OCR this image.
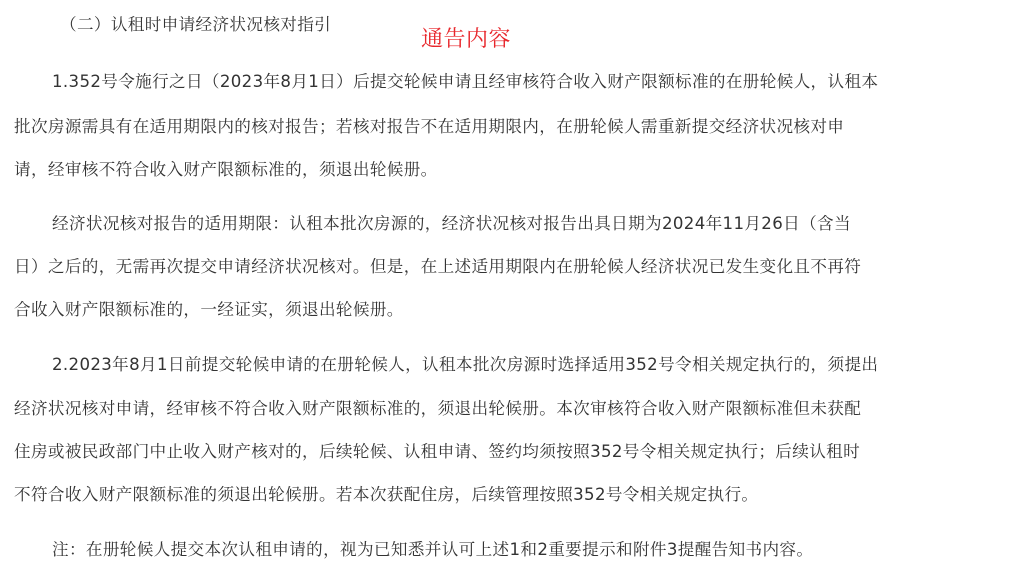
（二）认租时申请经济状况核对指引
通告内容
1.352号令施行之日（2023年8月1日）后提交轮候申请且经审核符合收入财产限额标准的在册轮候人，认租本
批次房源需具有在适用期限内的核对报告；若核对报告不在适用期限内，在册轮候人需重新提交经济状况核对申
请，经审核不符合收入财产限额标准的，须退出轮候册。
经济状况核对报告的适用期限：认租本批次房源的，经济状况核对报告出具日期为2024年11月26日（含当
日）之后的，无需再次提交申请经济状况核对。但是，在上述适用期限内在册轮候人经济状况已发生变化且不再符
合收入财产限额标准的，一经证实，须退出轮候册。
2.2023年8月1日前提交轮候申请的在册轮候人，认租本批次房源时选择适用352号令相关规定执行的，须提出
经济状况核对申请，经审核不符合收入财产限额标准的，须退出轮候册。本次审核符合收入财产限额标准但未获配
住房或被民政部门中止收入财产核对的，后续轮候、认租申请、签约均须按照352号令相关规定执行；后续认租时
不符合收入财产限额标准的须退出轮候册。若本次获配住房，后续管理按照352号令相关规定执行。
注：在册轮候人提交本次认租申请的，视为已知悉并认可上述1和2重要提示和附件3提醒告知书内容。
